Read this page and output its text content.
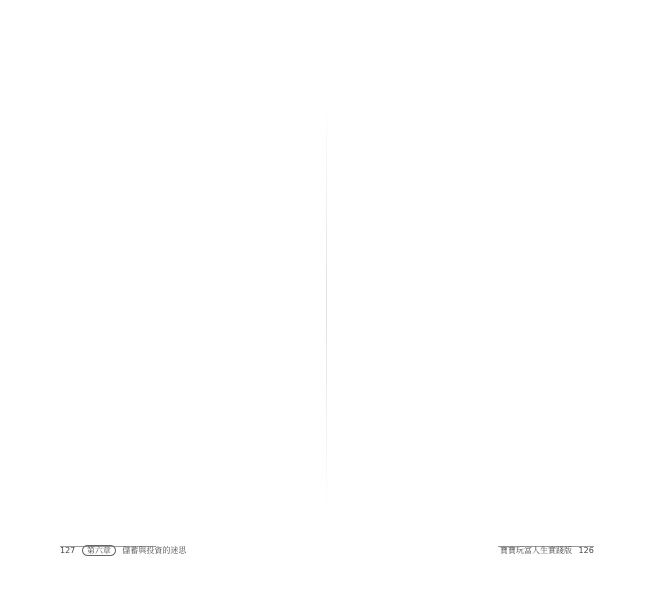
127 第六章 儲蓄與投資的迷思	寶寶玩富人生實踐版 126
